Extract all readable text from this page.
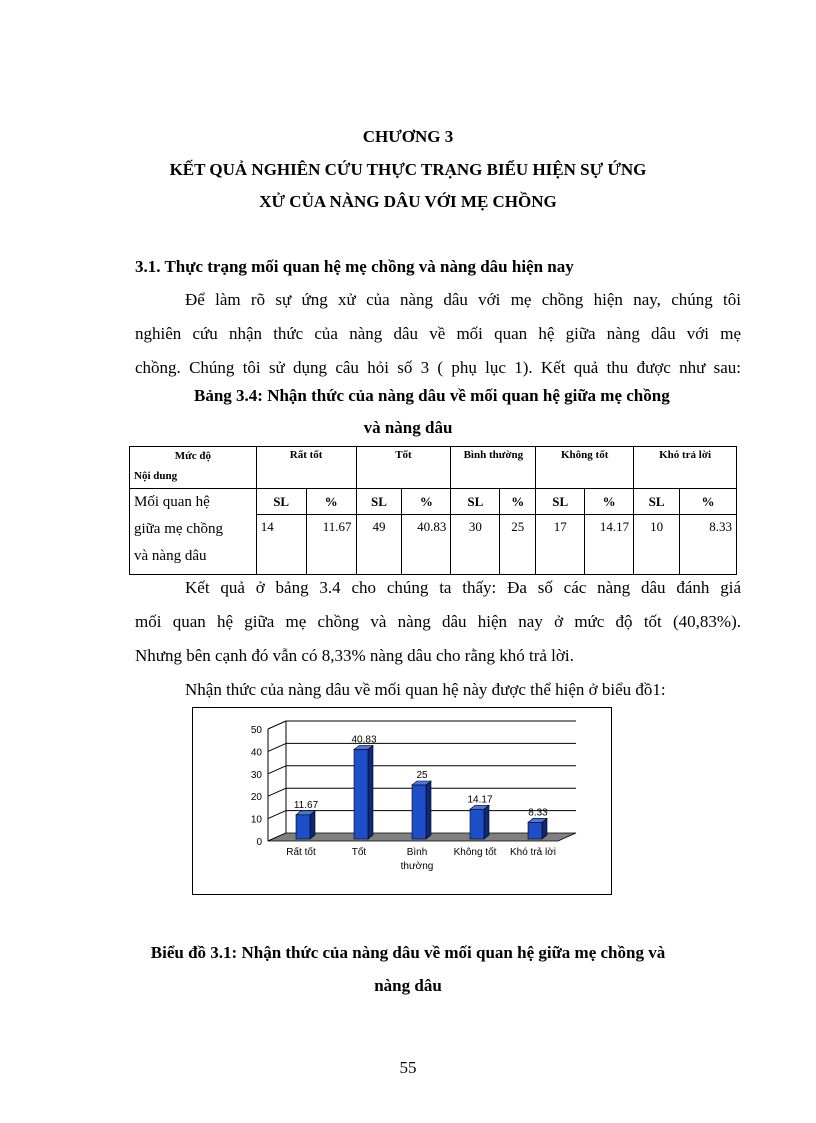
CHƯƠNG 3
KẾT QUẢ NGHIÊN CỨU THỰC TRẠNG BIỂU HIỆN SỰ ỨNG
XỬ CỦA NÀNG DÂU VỚI MẸ CHỒNG
3.1. Thực trạng mối quan hệ mẹ chồng và nàng dâu hiện nay
Để làm rõ sự ứng xử của nàng dâu với mẹ chồng hiện nay, chúng tôi
nghiên cứu nhận thức của nàng dâu về mối quan hệ giữa nàng dâu với mẹ
chồng. Chúng tôi sử dụng câu hỏi số 3 ( phụ lục 1). Kết quả thu được như sau:
Bảng 3.4: Nhận thức của nàng dâu về mối quan hệ giữa mẹ chồng
và nàng dâu
Mức độ
Nội dung	Rất tốt		Tốt		Bình thường		Không tốt		Khó trả lời	

Mối quan hệ
giữa mẹ chồng
và nàng dâu	SL	%	SL	%	SL	%	SL	%	SL	%
	14	11.67	49	40.83	30	25	17	14.17	10	8.33
Kết quả ở bảng 3.4 cho chúng ta thấy: Đa số các nàng dâu đánh giá
mối quan hệ giữa mẹ chồng và nàng dâu hiện nay ở mức độ tốt (40,83%).
Nhưng bên cạnh đó vẫn có 8,33% nàng dâu cho rằng khó trả lời.
Nhận thức của nàng dâu về mối quan hệ này được thể hiện ở biểu đồ1:
0
10
20
30
40
50
11.67
Rất tốt
40.83
Tốt
25
Bình
thường
14.17
Không tốt
8.33
Khó trả lời
Biểu đồ 3.1: Nhận thức của nàng dâu về mối quan hệ giữa mẹ chồng và
nàng dâu
55
